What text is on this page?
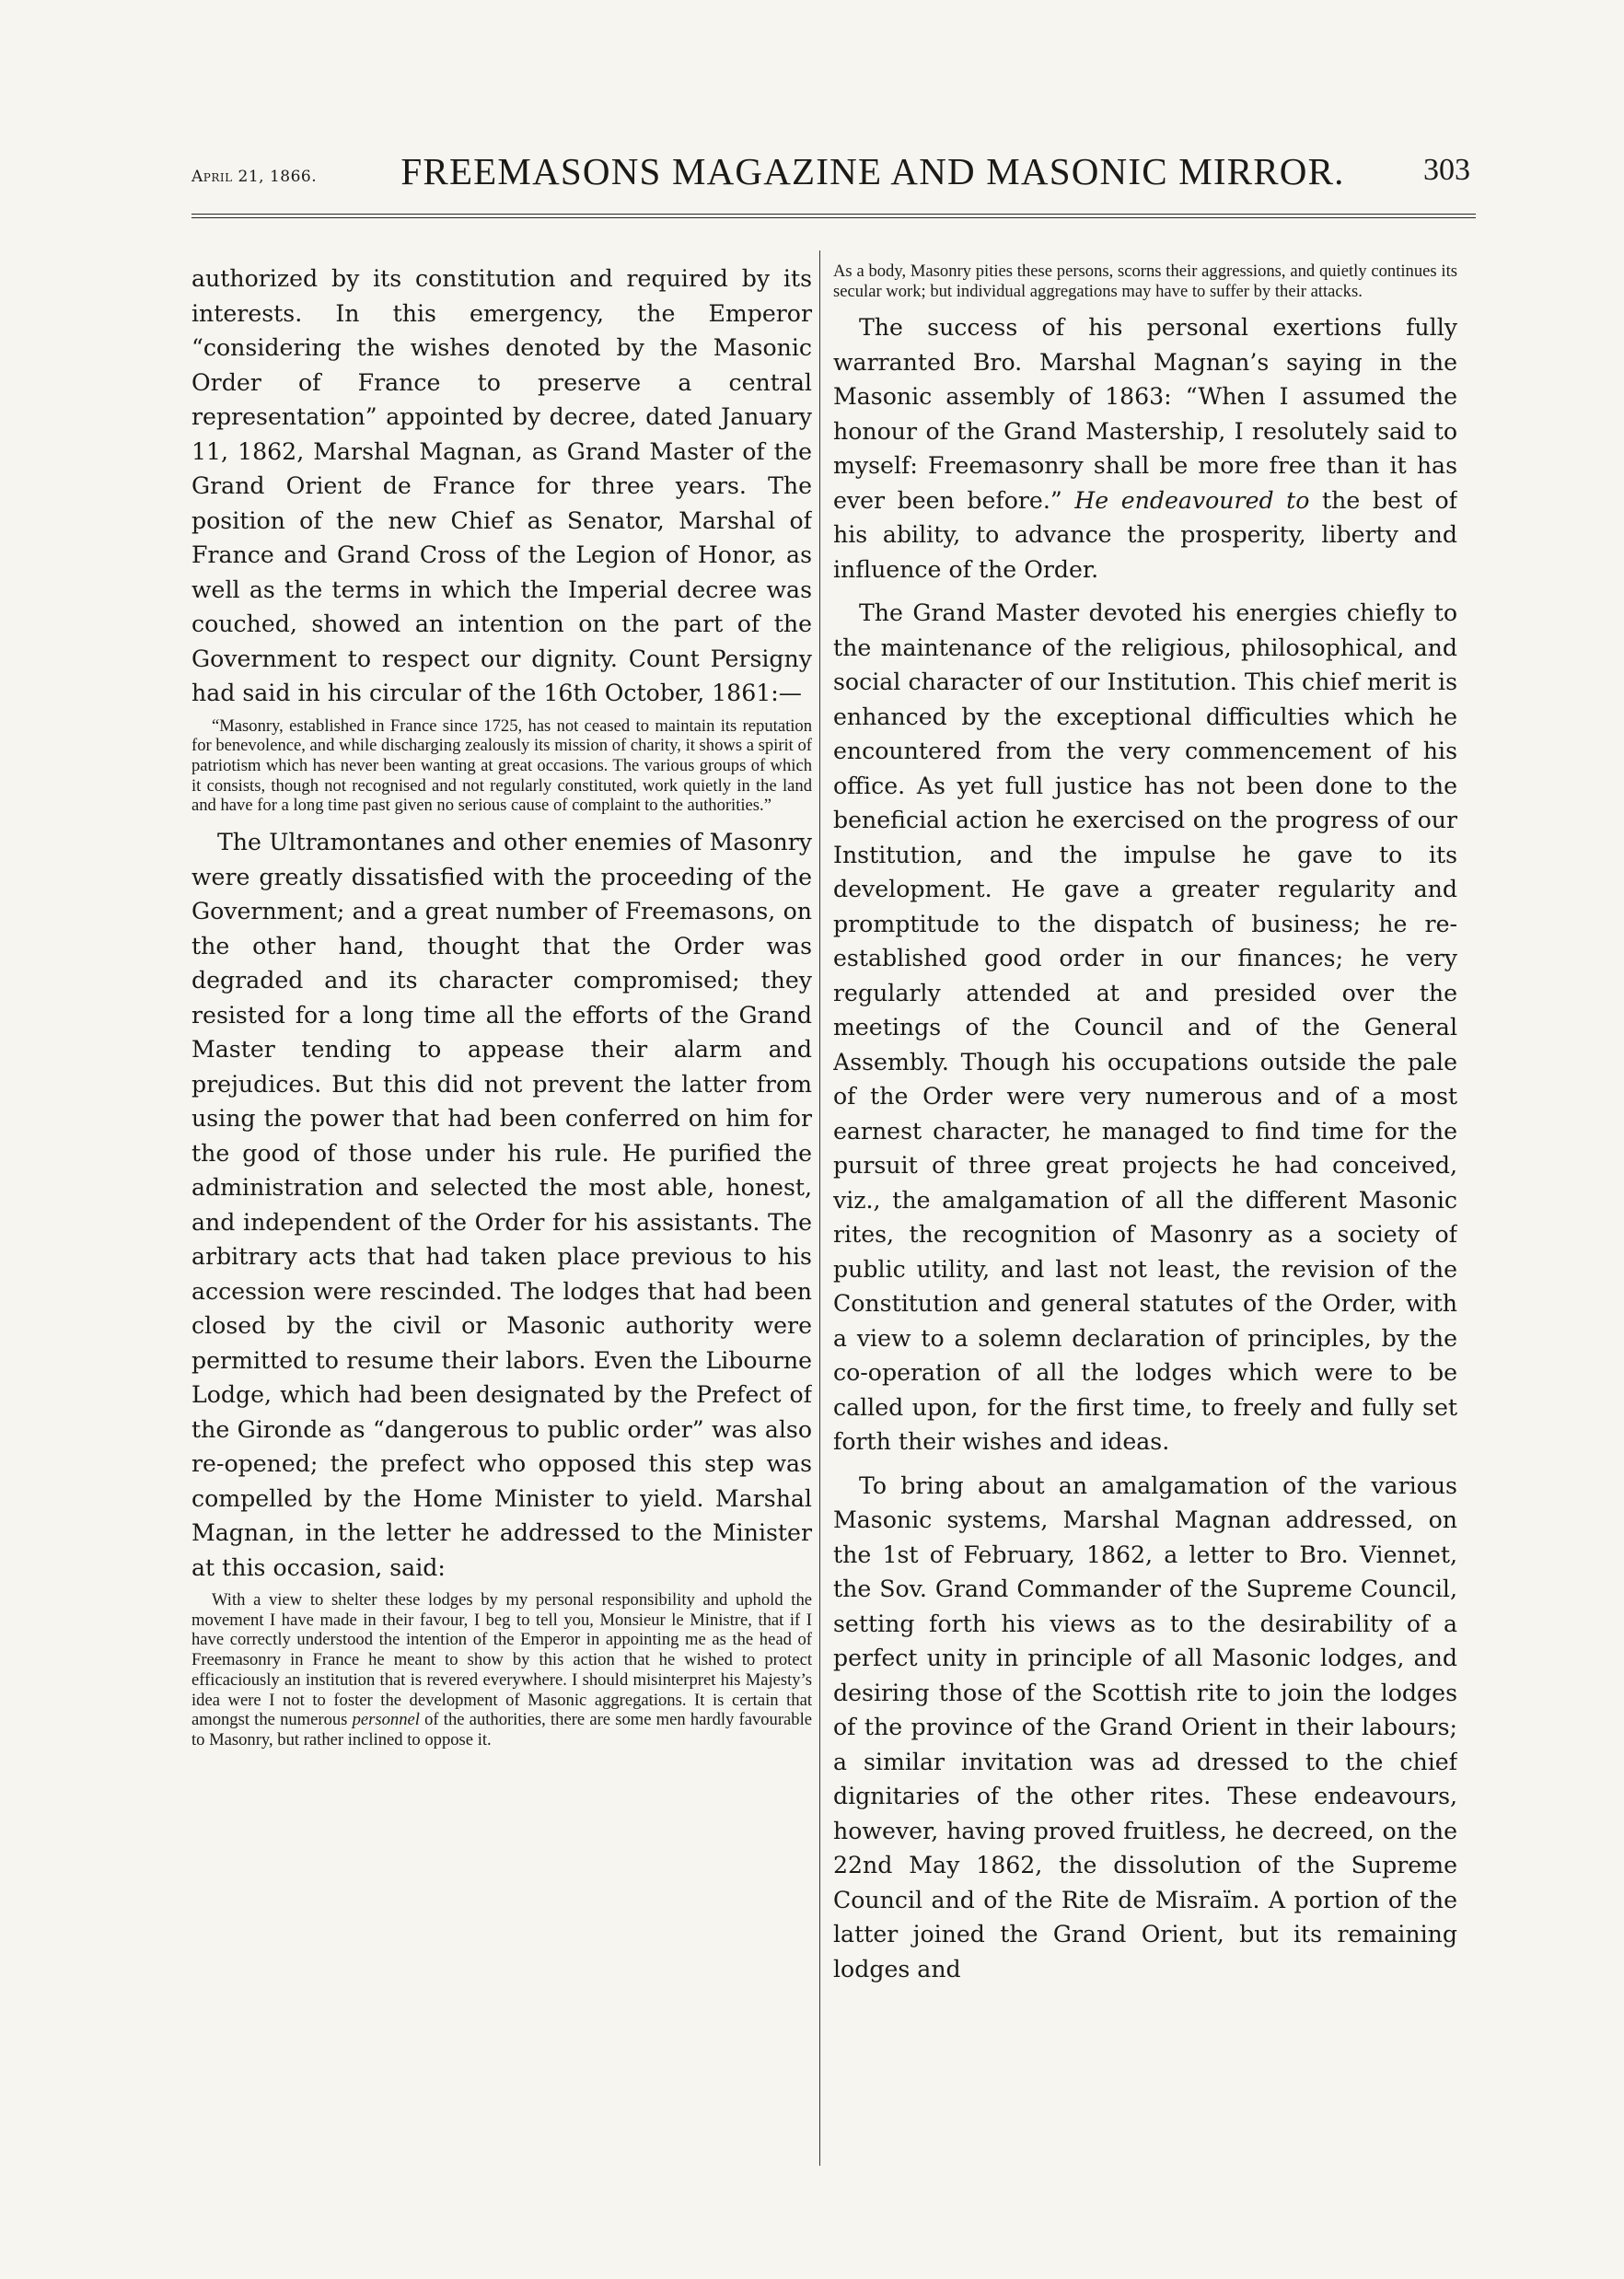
April 21, 1866.	FREEMASONS MAGAZINE AND MASONIC MIRROR.	303

authorized by its constitution and required by its interests. In this emergency, the Emperor “considering the wishes denoted by the Masonic Order of France to preserve a central representation” appointed by decree, dated January 11, 1862, Marshal Magnan, as Grand Master of the Grand Orient de France for three years. The position of the new Chief as Senator, Marshal of France and Grand Cross of the Legion of Honor, as well as the terms in which the Imperial decree was couched, showed an intention on the part of the Government to respect our dignity. Count Persigny had said in his circular of the 16th October, 1861:—

“Masonry, established in France since 1725, has not ceased to maintain its reputation for benevolence, and while discharging zealously its mission of charity, it shows a spirit of patriotism which has never been wanting at great occasions. The various groups of which it consists, though not recognised and not regularly constituted, work quietly in the land and have for a long time past given no serious cause of complaint to the authorities.”

The Ultramontanes and other enemies of Masonry were greatly dissatisfied with the proceeding of the Government; and a great number of Freemasons, on the other hand, thought that the Order was degraded and its character compromised; they resisted for a long time all the efforts of the Grand Master tending to appease their alarm and prejudices. But this did not prevent the latter from using the power that had been conferred on him for the good of those under his rule. He purified the administration and selected the most able, honest, and independent of the Order for his assistants. The arbitrary acts that had taken place previous to his accession were rescinded. The lodges that had been closed by the civil or Masonic authority were permitted to resume their labors. Even the Libourne Lodge, which had been designated by the Prefect of the Gironde as “dangerous to public order” was also re-opened; the prefect who opposed this step was compelled by the Home Minister to yield. Marshal Magnan, in the letter he addressed to the Minister at this occasion, said:

With a view to shelter these lodges by my personal responsibility and uphold the movement I have made in their favour, I beg to tell you, Monsieur le Ministre, that if I have correctly understood the intention of the Emperor in appointing me as the head of Freemasonry in France he meant to show by this action that he wished to protect efficaciously an institution that is revered everywhere. I should misinterpret his Majesty’s idea were I not to foster the development of Masonic aggregations. It is certain that amongst the numerous personnel of the authorities, there are some men hardly favourable to Masonry, but rather inclined to oppose it.

As a body, Masonry pities these persons, scorns their aggressions, and quietly continues its secular work; but individual aggregations may have to suffer by their attacks.

The success of his personal exertions fully warranted Bro. Marshal Magnan’s saying in the Masonic assembly of 1863: “When I assumed the honour of the Grand Mastership, I resolutely said to myself: Freemasonry shall be more free than it has ever been before.” He endeavoured to the best of his ability, to advance the prosperity, liberty and influence of the Order.

The Grand Master devoted his energies chiefly to the maintenance of the religious, philosophical, and social character of our Institution. This chief merit is enhanced by the exceptional difficulties which he encountered from the very commencement of his office. As yet full justice has not been done to the beneficial action he exercised on the progress of our Institution, and the impulse he gave to its development. He gave a greater regularity and promptitude to the dispatch of business; he re-established good order in our finances; he very regularly attended at and presided over the meetings of the Council and of the General Assembly. Though his occupations outside the pale of the Order were very numerous and of a most earnest character, he managed to find time for the pursuit of three great projects he had conceived, viz., the amalgamation of all the different Masonic rites, the recognition of Masonry as a society of public utility, and last not least, the revision of the Constitution and general statutes of the Order, with a view to a solemn declaration of principles, by the co-operation of all the lodges which were to be called upon, for the first time, to freely and fully set forth their wishes and ideas.

To bring about an amalgamation of the various Masonic systems, Marshal Magnan addressed, on the 1st of February, 1862, a letter to Bro. Viennet, the Sov. Grand Commander of the Supreme Council, setting forth his views as to the desirability of a perfect unity in principle of all Masonic lodges, and desiring those of the Scottish rite to join the lodges of the province of the Grand Orient in their labours; a similar invitation was ad dressed to the chief dignitaries of the other rites. These endeavours, however, having proved fruitless, he decreed, on the 22nd May 1862, the dissolution of the Supreme Council and of the Rite de Misraïm. A portion of the latter joined the Grand Orient, but its remaining lodges and
